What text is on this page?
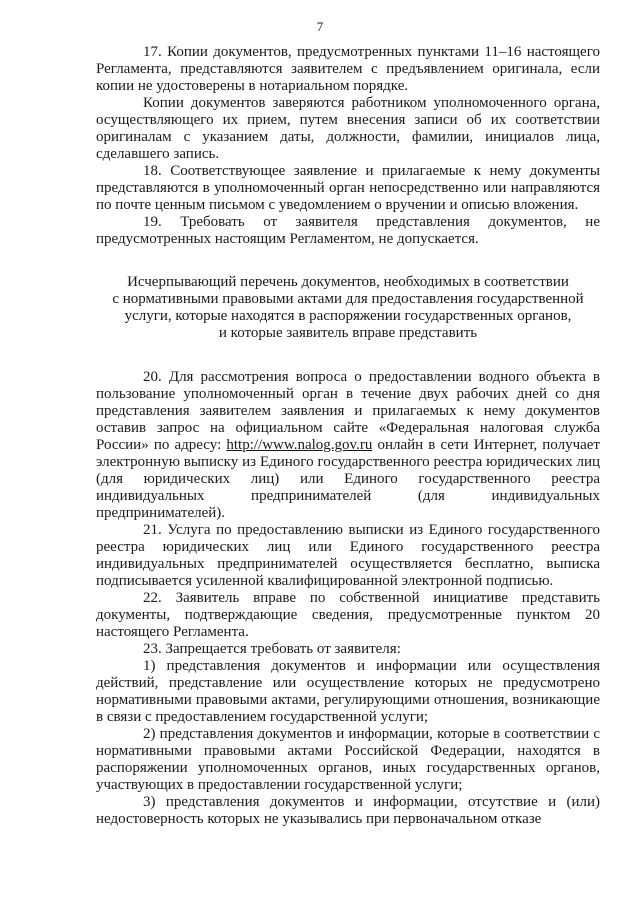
7

17. Копии документов, предусмотренных пунктами 11–16 настоящего Регламента, представляются заявителем с предъявлением оригинала, если копии не удостоверены в нотариальном порядке.

Копии документов заверяются работником уполномоченного органа, осуществляющего их прием, путем внесения записи об их соответствии оригиналам с указанием даты, должности, фамилии, инициалов лица, сделавшего запись.

18. Соответствующее заявление и прилагаемые к нему документы представляются в уполномоченный орган непосредственно или направляются по почте ценным письмом с уведомлением о вручении и описью вложения.

19. Требовать от заявителя представления документов, не предусмотренных настоящим Регламентом, не допускается.

Исчерпывающий перечень документов, необходимых в соответствии
с нормативными правовыми актами для предоставления государственной
услуги, которые находятся в распоряжении государственных органов,
и которые заявитель вправе представить

20. Для рассмотрения вопроса о предоставлении водного объекта в пользование уполномоченный орган в течение двух рабочих дней со дня представления заявителем заявления и прилагаемых к нему документов оставив запрос на официальном сайте «Федеральная налоговая служба России» по адресу: http://www.nalog.gov.ru онлайн в сети Интернет, получает электронную выписку из Единого государственного реестра юридических лиц (для юридических лиц) или Единого государственного реестра индивидуальных предпринимателей (для индивидуальных предпринимателей).

21. Услуга по предоставлению выписки из Единого государственного реестра юридических лиц или Единого государственного реестра индивидуальных предпринимателей осуществляется бесплатно, выписка подписывается усиленной квалифицированной электронной подписью.

22. Заявитель вправе по собственной инициативе представить документы, подтверждающие сведения, предусмотренные пунктом 20 настоящего Регламента.

23. Запрещается требовать от заявителя:

1) представления документов и информации или осуществления действий, представление или осуществление которых не предусмотрено нормативными правовыми актами, регулирующими отношения, возникающие в связи с предоставлением государственной услуги;

2) представления документов и информации, которые в соответствии с нормативными правовыми актами Российской Федерации, находятся в распоряжении уполномоченных органов, иных государственных органов, участвующих в предоставлении государственной услуги;

3) представления документов и информации, отсутствие и (или) недостоверность которых не указывались при первоначальном отказе
